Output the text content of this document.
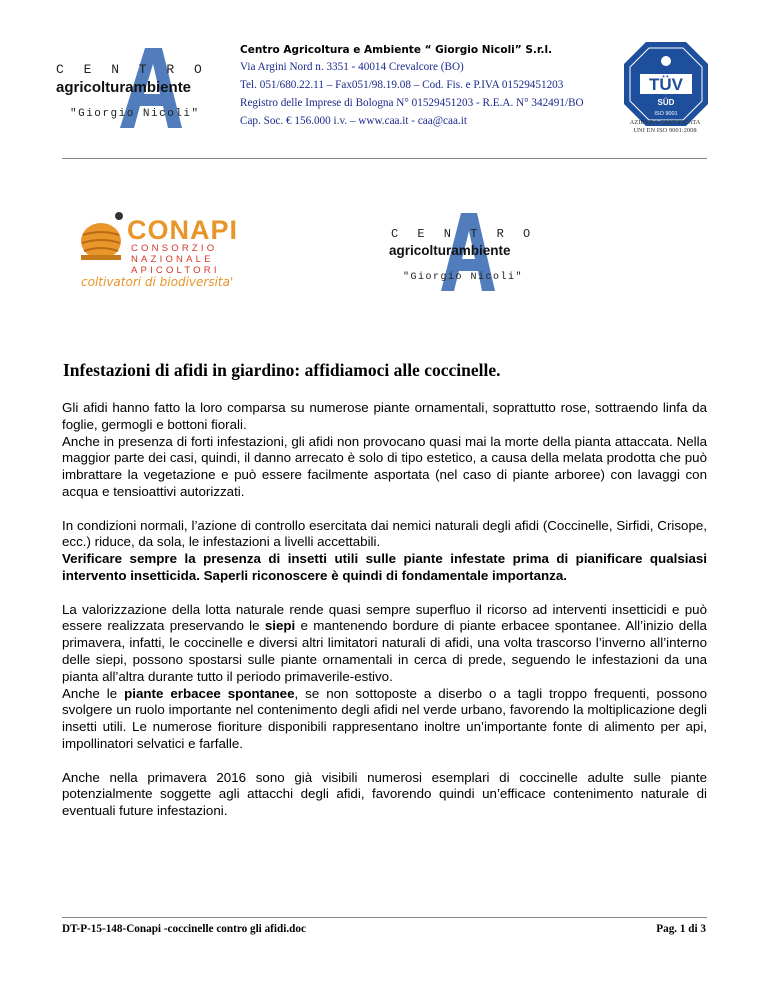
C E N T R O
agricolturambiente
"Giorgio Nicoli"

Centro Agricoltura e Ambiente “ Giorgio Nicoli” S.r.l.

Via Argini Nord n. 3351 - 40014 Crevalcore (BO)

Tel. 051/680.22.11 – Fax051/98.19.08 – Cod. Fis. e P.IVA 01529451203

Registro delle Imprese di Bologna N° 01529451203 - R.E.A. N° 342491/BO

Cap. Soc. € 156.000 i.v. – www.caa.it - caa@caa.it

TÜV
SÜD
ISO 9001
AZIENDA CERTIFICATA
UNI EN ISO 9001:2008
CONAPI
CONSORZIO
NAZIONALE
APICOLTORI
coltivatori di biodiversita'
C E N T R O
agricolturambiente
"Giorgio Nicoli"
Infestazioni di afidi in giardino: affidiamoci alle coccinelle.

Gli afidi hanno fatto la loro comparsa su numerose piante ornamentali, soprattutto rose, sottraendo linfa da foglie, germogli e bottoni fiorali.

Anche in presenza di forti infestazioni, gli afidi non provocano quasi mai la morte della pianta attaccata. Nella maggior parte dei casi, quindi, il danno arrecato è solo di tipo estetico, a causa della melata prodotta che può imbrattare la vegetazione e può essere facilmente asportata (nel caso di piante arboree) con lavaggi con acqua e tensioattivi autorizzati.

In condizioni normali, l’azione di controllo esercitata dai nemici naturali degli afidi (Coccinelle, Sirfidi, Crisope, ecc.) riduce, da sola, le infestazioni a livelli accettabili.

Verificare sempre la presenza di insetti utili sulle piante infestate prima di pianificare qualsiasi intervento insetticida. Saperli riconoscere è quindi di fondamentale importanza.

La valorizzazione della lotta naturale rende quasi sempre superfluo il ricorso ad interventi insetticidi e può essere realizzata preservando le siepi e mantenendo bordure di piante erbacee spontanee. All’inizio della primavera, infatti, le coccinelle e diversi altri limitatori naturali di afidi, una volta trascorso l’inverno all’interno delle siepi, possono spostarsi sulle piante ornamentali in cerca di prede, seguendo le infestazioni da una pianta all’altra durante tutto il periodo primaverile-estivo.

Anche le piante erbacee spontanee, se non sottoposte a diserbo o a tagli troppo frequenti, possono svolgere un ruolo importante nel contenimento degli afidi nel verde urbano, favorendo la moltiplicazione degli insetti utili. Le numerose fioriture disponibili rappresentano inoltre un’importante fonte di alimento per api, impollinatori selvatici e farfalle.

Anche nella primavera 2016 sono già visibili numerosi esemplari di coccinelle adulte sulle piante potenzialmente soggette agli attacchi degli afidi, favorendo quindi un’efficace contenimento naturale di eventuali future infestazioni.

DT-P-15-148-Conapi -coccinelle contro gli afidi.doc	Pag. 1 di 3
